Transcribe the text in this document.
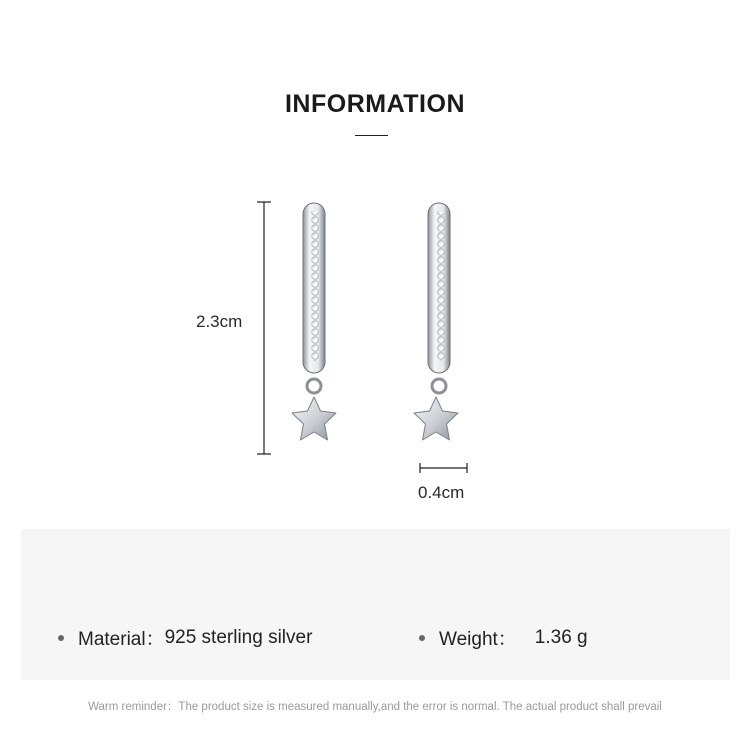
INFORMATION
2.3cm
0.4cm
Material： 925 sterling silver	Weight： 1.36 g
Warm reminder：The product size is measured manually,and the error is normal. The actual product shall prevail
